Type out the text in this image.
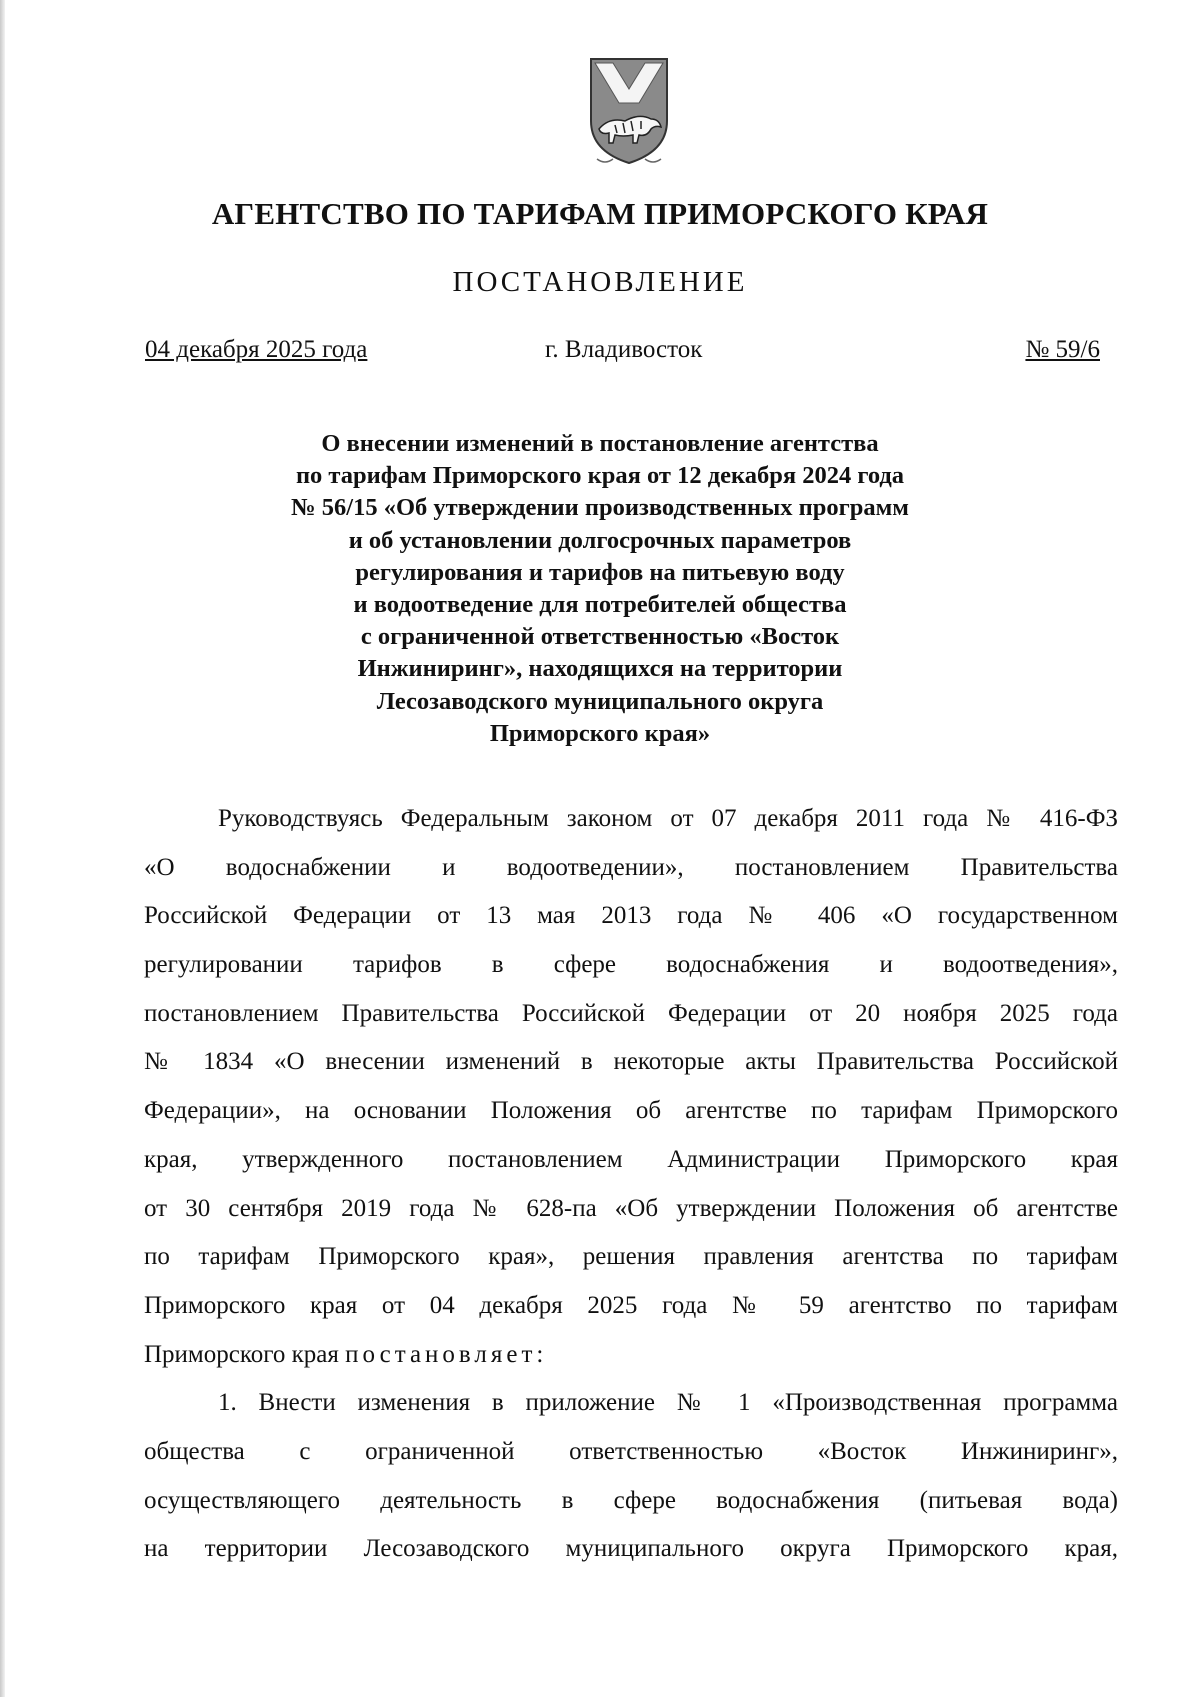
АГЕНТСТВО ПО ТАРИФАМ ПРИМОРСКОГО КРАЯ
ПОСТАНОВЛЕНИЕ
04 декабря 2025 года	г. Владивосток	№ 59/6
О внесении изменений в постановление агентства
по тарифам Приморского края от 12 декабря 2024 года
№ 56/15 «Об утверждении производственных программ
и об установлении долгосрочных параметров
регулирования и тарифов на питьевую воду
и водоотведение для потребителей общества
с ограниченной ответственностью «Восток
Инжиниринг», находящихся на территории
Лесозаводского муниципального округа
Приморского края»
Руководствуясь Федеральным законом от 07 декабря 2011 года № 416-ФЗ
«О водоснабжении и водоотведении», постановлением Правительства
Российской Федерации от 13 мая 2013 года № 406 «О государственном
регулировании тарифов в сфере водоснабжения и водоотведения»,
постановлением Правительства Российской Федерации от 20 ноября 2025 года
№ 1834 «О внесении изменений в некоторые акты Правительства Российской
Федерации», на основании Положения об агентстве по тарифам Приморского
края, утвержденного постановлением Администрации Приморского края
от 30 сентября 2019 года № 628-па «Об утверждении Положения об агентстве
по тарифам Приморского края», решения правления агентства по тарифам
Приморского края от 04 декабря 2025 года № 59 агентство по тарифам
Приморского края постановляет:
1. Внести изменения в приложение № 1 «Производственная программа
общества с ограниченной ответственностью «Восток Инжиниринг»,
осуществляющего деятельность в сфере водоснабжения (питьевая вода)
на территории Лесозаводского муниципального округа Приморского края,
